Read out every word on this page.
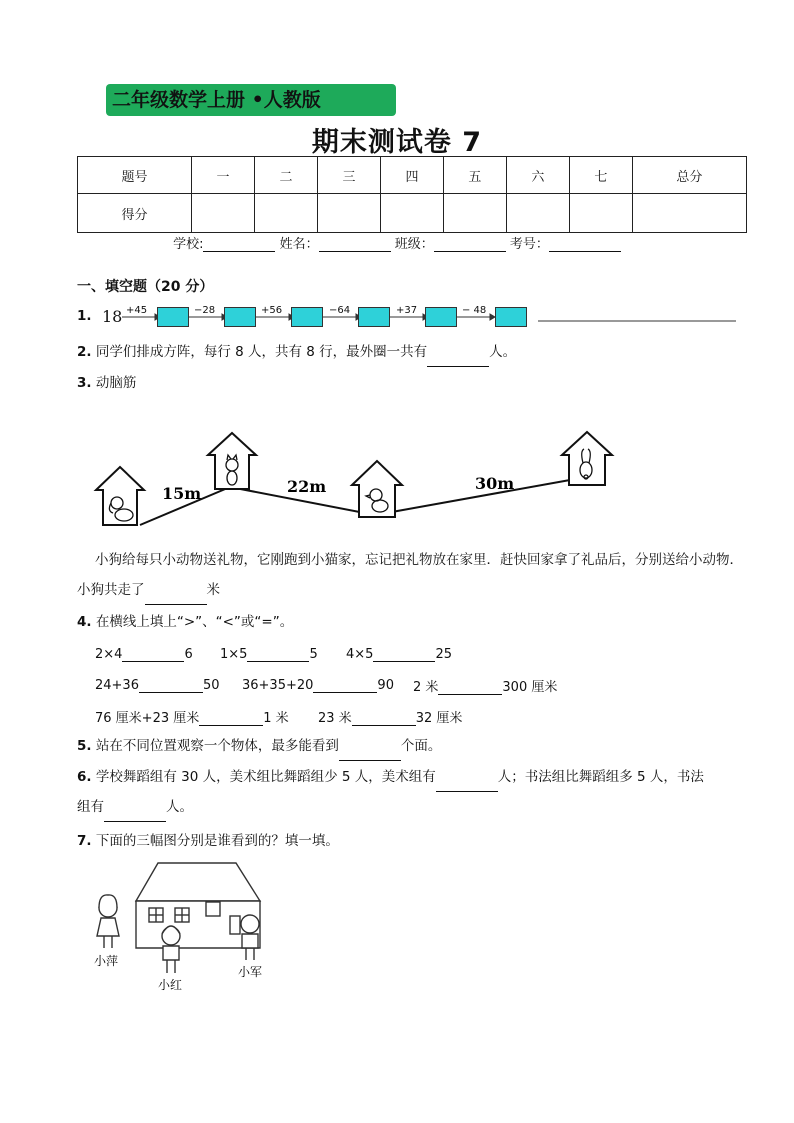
二年级数学上册 •人教版
期末测试卷 7
题号	一	二	三	四	五	六	七	总分
得分								
学校:	姓名：	班级：	考号：
一、填空题（20 分）
1. 18 +45	−28	+56	−64	+37	− 48
2. 同学们排成方阵，每行 8 人，共有 8 行，最外圈一共有	人。
3. 动脑筋
15m	22m	30m
小狗给每只小动物送礼物，它刚跑到小猫家，忘记把礼物放在家里．赶快回家拿了礼品后，分别送给小动物．小狗共走了	米
4. 在横线上填上“>”、“<”或“=”。
2×4	6 1×5	5 4×5	25
24+36	50 36+35+20	90 2 米	300 厘米
76 厘米+23 厘米	1 米 23 米	32 厘米
5. 站在不同位置观察一个物体，最多能看到	个面。
6. 学校舞蹈组有 30 人，美术组比舞蹈组少 5 人，美术组有	人；书法组比舞蹈组多 5 人，书法
组有	人。
7. 下面的三幅图分别是谁看到的？填一填。
小萍
小红
小军
